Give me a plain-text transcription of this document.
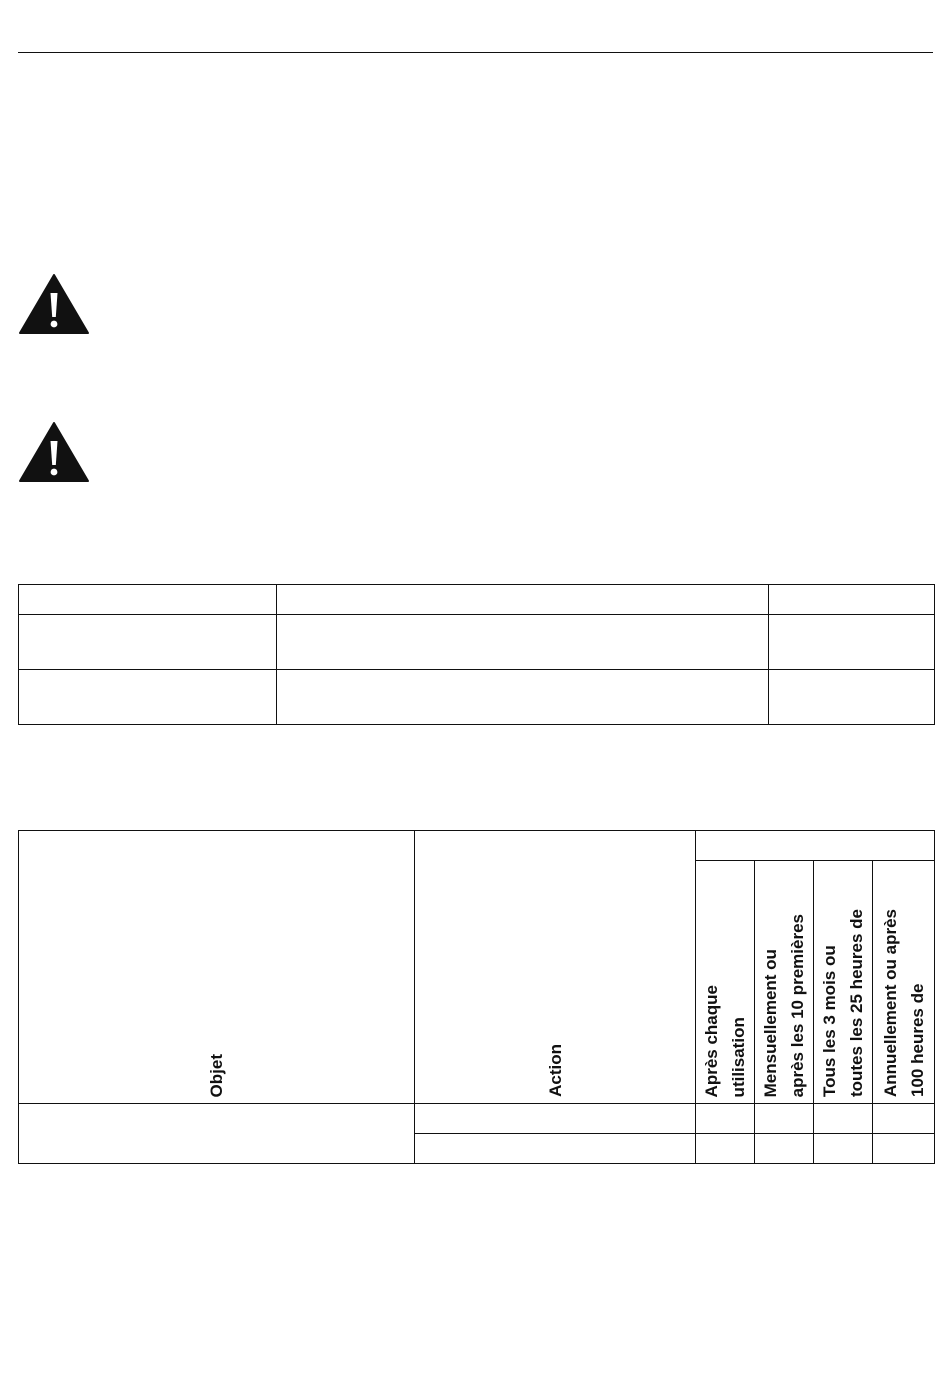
Objet	Action				

		Après chaque utilisation	Mensuellement ou après les 10 premières	Tous les 3 mois ou toutes les 25 heures de	Annuellement ou après 100 heures de
